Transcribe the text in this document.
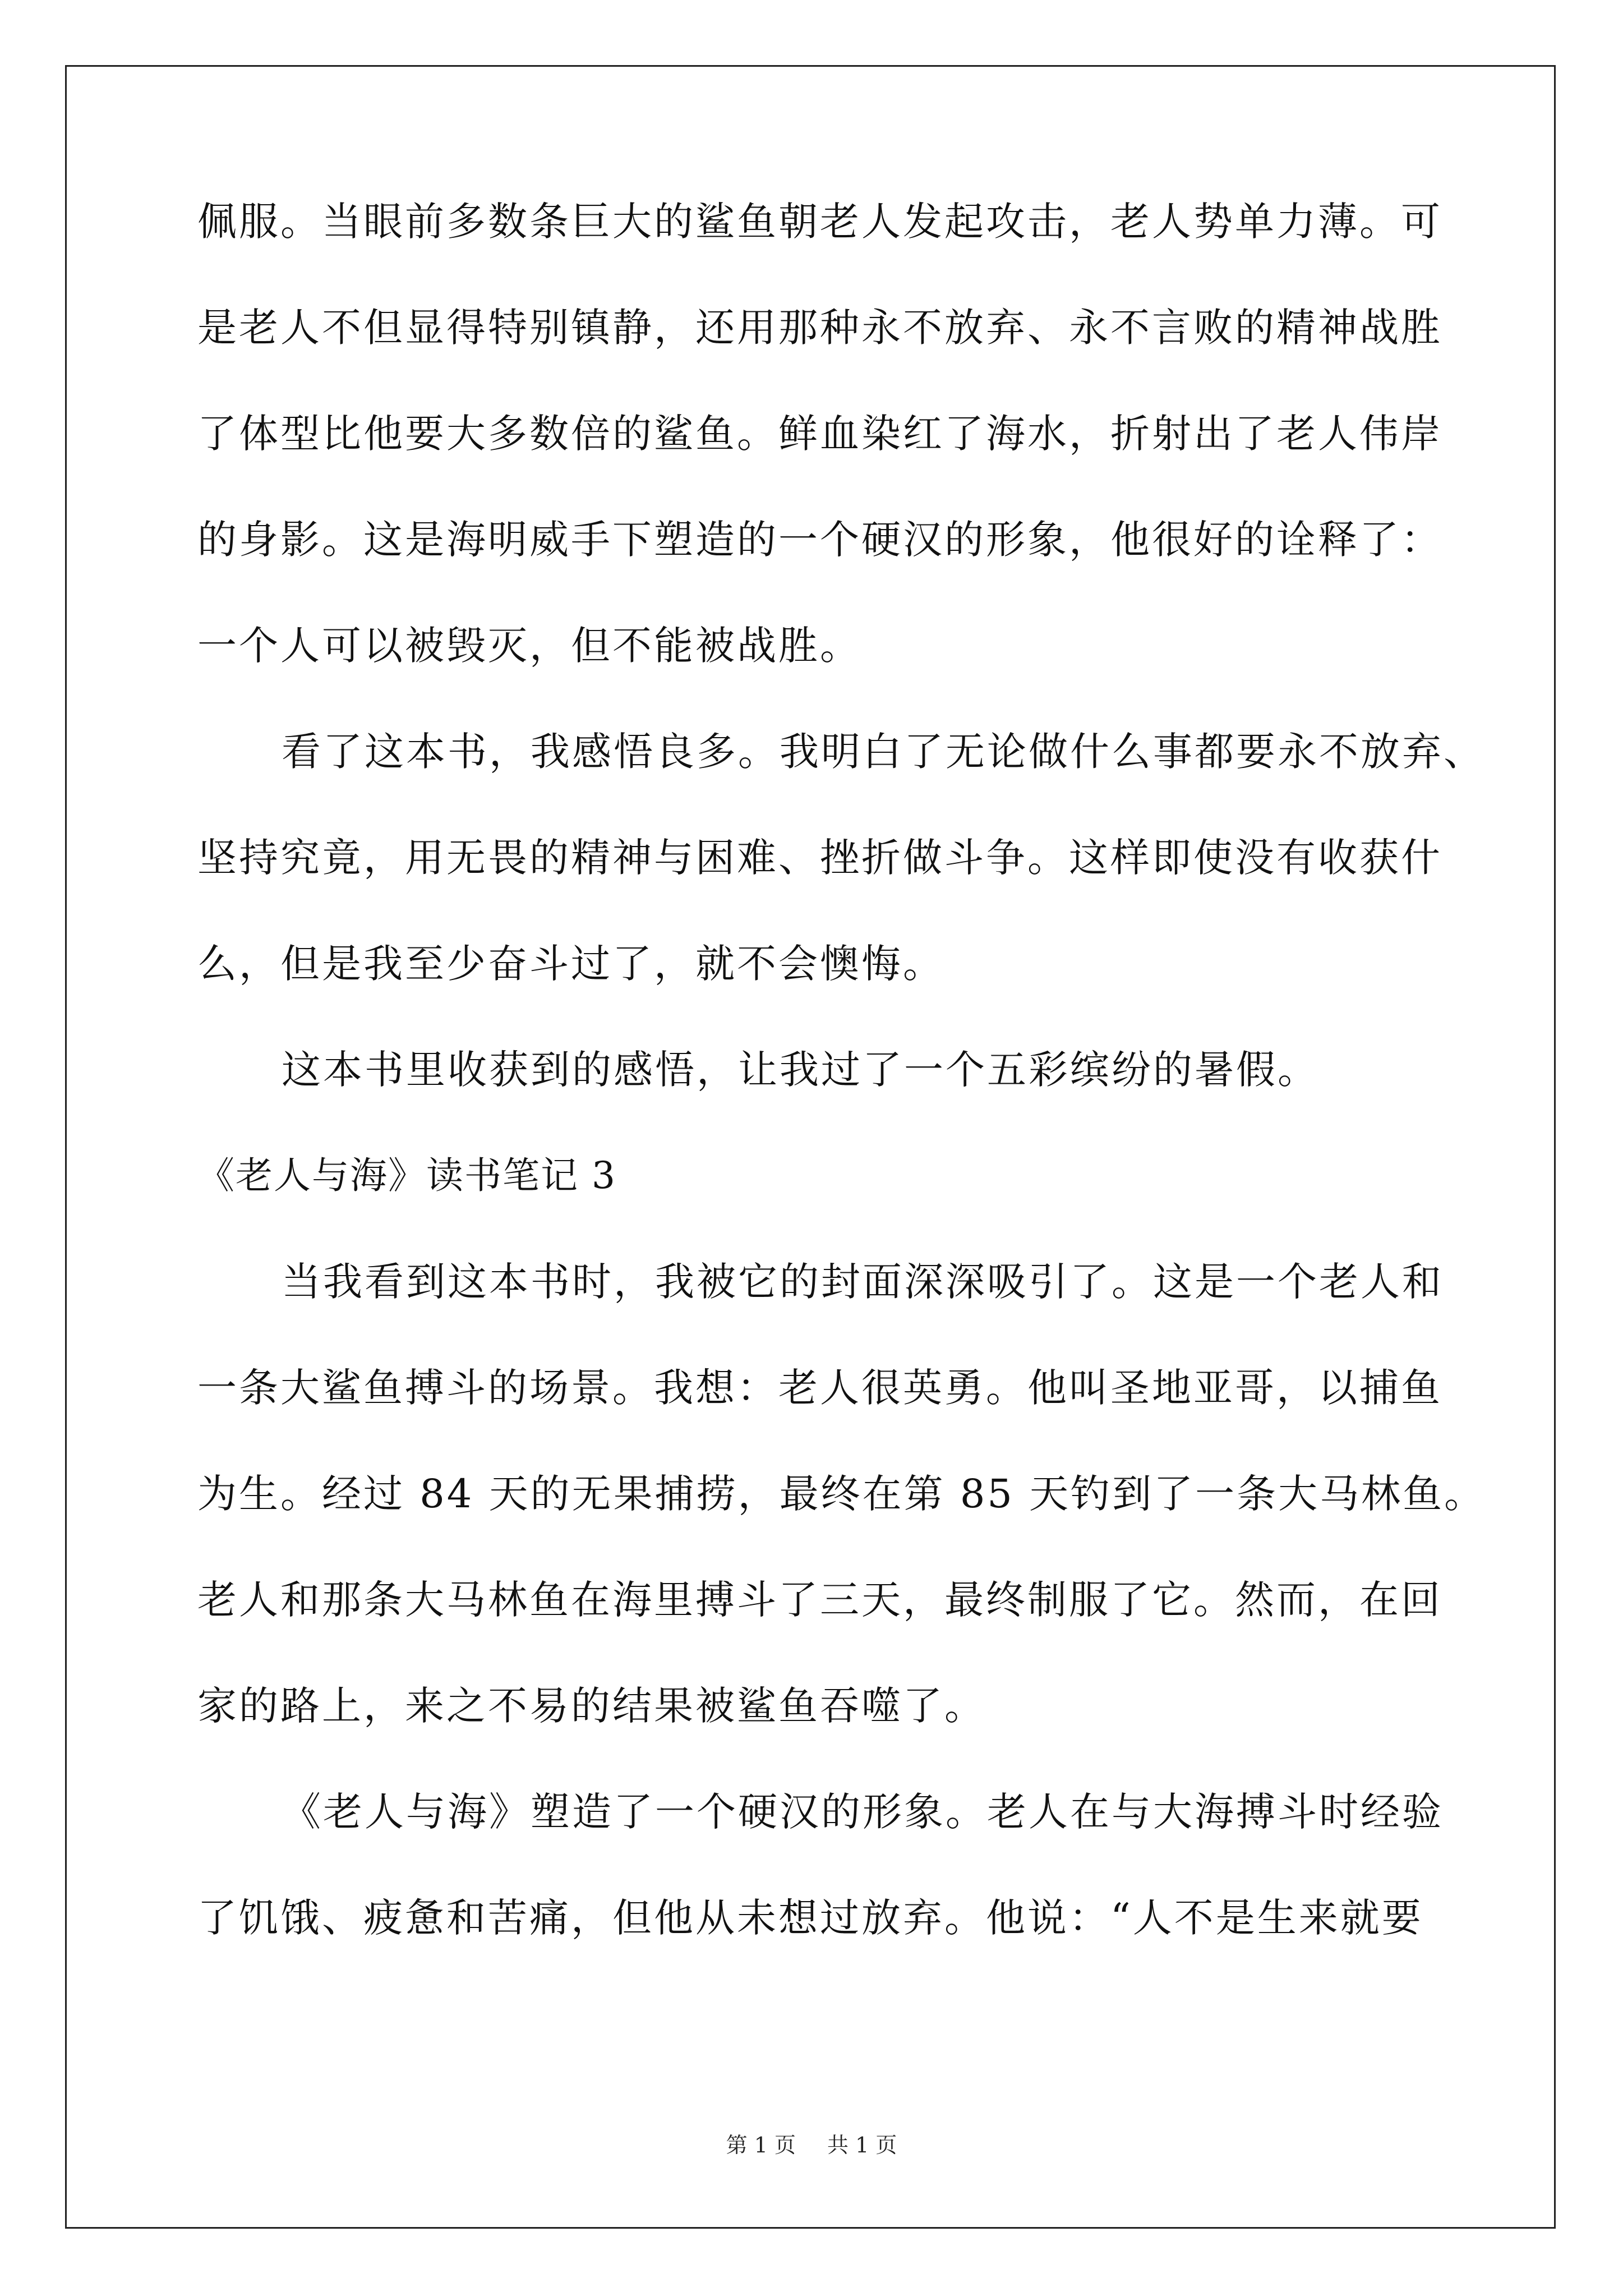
佩服。当眼前多数条巨大的鲨鱼朝老人发起攻击，老人势单力薄。可
是老人不但显得特别镇静，还用那种永不放弃、永不言败的精神战胜
了体型比他要大多数倍的鲨鱼。鲜血染红了海水，折射出了老人伟岸
的身影。这是海明威手下塑造的一个硬汉的形象，他很好的诠释了：
一个人可以被毁灭，但不能被战胜。
看了这本书，我感悟良多。我明白了无论做什么事都要永不放弃、
坚持究竟，用无畏的精神与困难、挫折做斗争。这样即使没有收获什
么，但是我至少奋斗过了，就不会懊悔。
这本书里收获到的感悟，让我过了一个五彩缤纷的暑假。
《老人与海》读书笔记 3
当我看到这本书时，我被它的封面深深吸引了。这是一个老人和
一条大鲨鱼搏斗的场景。我想：老人很英勇。他叫圣地亚哥，以捕鱼
为生。经过 84 天的无果捕捞，最终在第 85 天钓到了一条大马林鱼。
老人和那条大马林鱼在海里搏斗了三天，最终制服了它。然而，在回
家的路上，来之不易的结果被鲨鱼吞噬了。
《老人与海》塑造了一个硬汉的形象。老人在与大海搏斗时经验
了饥饿、疲惫和苦痛，但他从未想过放弃。他说：“人不是生来就要
第 1 页 共 1 页
